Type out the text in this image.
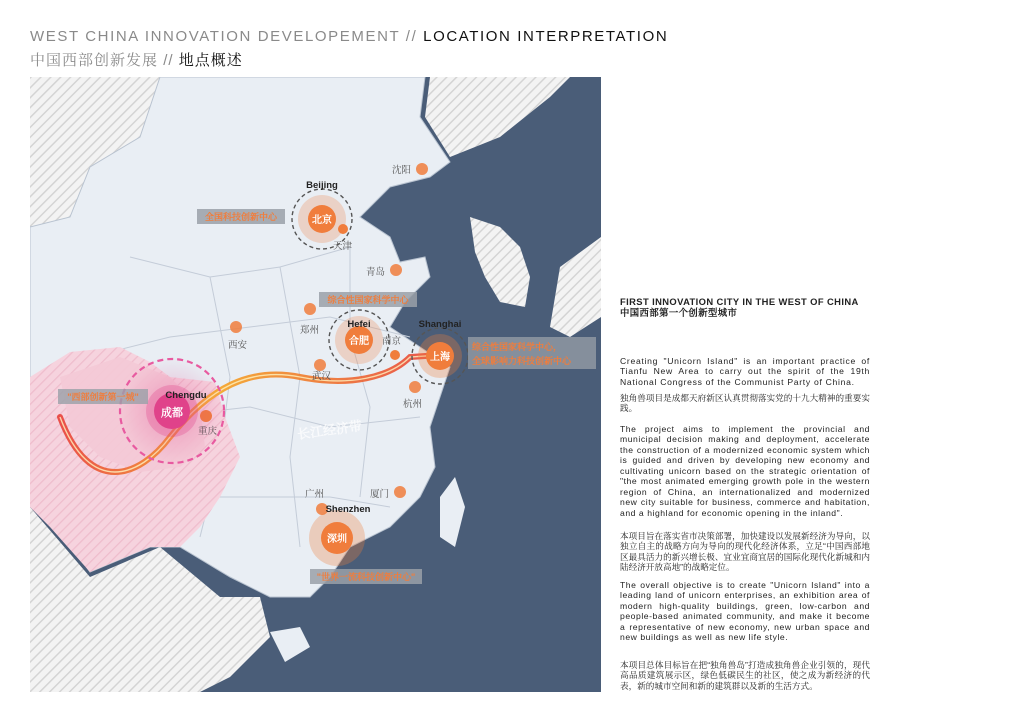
WEST CHINA INNOVATION DEVELOPEMENT // LOCATION INTERPRETATION
中国西部创新发展 // 地点概述
长江经济带
沈阳
天津
青岛
郑州
西安	南京
武汉
杭州
广州	厦门
北京
Beijing
全国科技创新中心
合肥
Hefei
综合性国家科学中心
上海
Shanghai
综合性国家科学中心，
全球影响力科技创新中心
成都
Chengdu
"西部创新第一城"
深圳
Shenzhen
"世界一流科技创新中心"
FIRST INNOVATION CITY IN THE WEST OF CHINA
中国西部第一个创新型城市

Creating "Unicorn Island" is an important practice of Tianfu New Area to carry out the spirit of the 19th National Congress of the Communist Party of China.

独角兽项目是成都天府新区认真贯彻落实党的十九大精神的重要实践。

The project aims to implement the provincial and municipal decision making and deployment, accelerate the construction of a modernized economic system which is guided and driven by developing new economy and cultivating unicorn based on the strategic orientation of "the most animated emerging growth pole in the western region of China, an internationalized and modernized new city suitable for business, commerce and habitation, and a highland for economic opening in the inland".

本项目旨在落实省市决策部署，加快建设以发展新经济为导向，以独立自主的战略方向为导向的现代化经济体系，立足“中国西部地区最具活力的新兴增长极、宜业宜商宜居的国际化现代化新城和内陆经济开放高地”的战略定位。

The overall objective is to create "Unicorn Island" into a leading land of unicorn enterprises, an exhibition area of modern high-quality buildings, green, low-carbon and people-based animated community, and make it become a representative of new economy, new urban space and new buildings as well as new life style.

本项目总体目标旨在把“独角兽岛”打造成独角兽企业引领的，现代高品质建筑展示区，绿色低碳民生的社区，使之成为新经济的代表，新的城市空间和新的建筑群以及新的生活方式。
